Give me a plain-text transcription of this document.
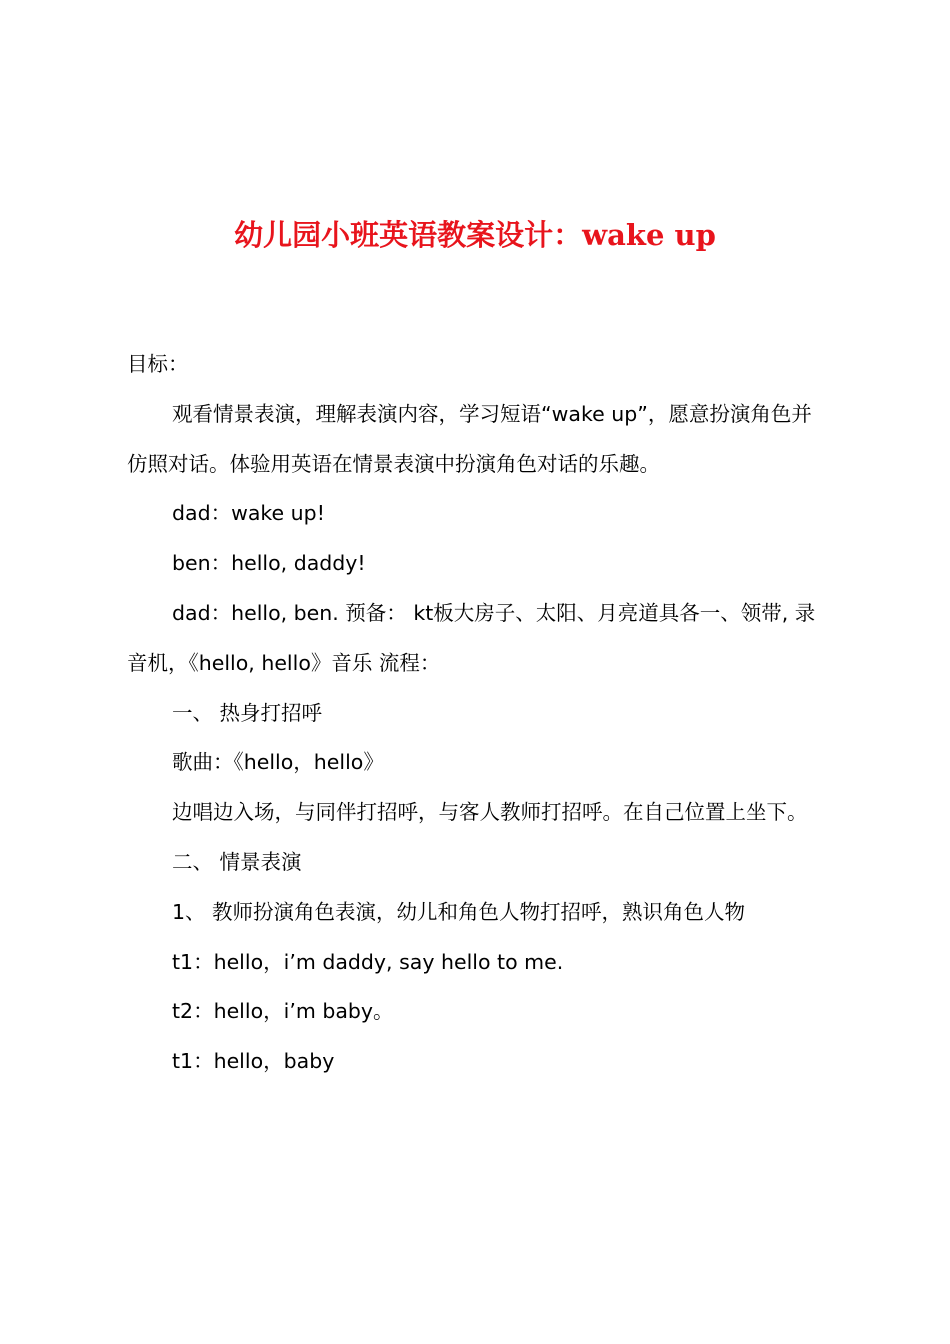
幼儿园小班英语教案设计：wake up

目标：

观看情景表演，理解表演内容，学习短语“wake up”，愿意扮演角色并仿照对话。体验用英语在情景表演中扮演角色对话的乐趣。

dad：wake up!

ben：hello, daddy!

dad：hello, ben. 预备： kt板大房子、太阳、月亮道具各一、领带, 录音机，《hello, hello》音乐 流程：

一、 热身打招呼

歌曲：《hello，hello》

边唱边入场，与同伴打招呼，与客人教师打招呼。在自己位置上坐下。

二、 情景表演

1、 教师扮演角色表演，幼儿和角色人物打招呼，熟识角色人物

t1：hello，i’m daddy, say hello to me.

t2：hello，i’m baby。

t1：hello，baby
